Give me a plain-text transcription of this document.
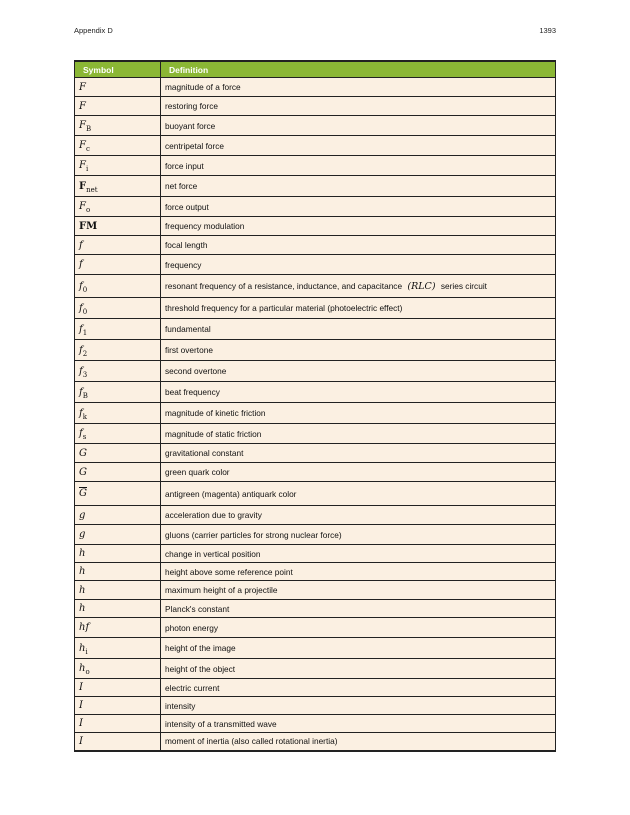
Appendix D	1393
Symbol	Definition
F	magnitude of a force
F	restoring force
$F_B$	buoyant force
$F_c$	centripetal force
$F_i$	force input
$F_{net}$	net force
$F_o$	force output
FM	frequency modulation
f	focal length
f	frequency
$f_0$	resonant frequency of a resistance, inductance, and capacitance (RLC) series circuit
$f_0$	threshold frequency for a particular material (photoelectric effect)
$f_1$	fundamental
$f_2$	first overtone
$f_3$	second overtone
$f_B$	beat frequency
$f_k$	magnitude of kinetic friction
$f_s$	magnitude of static friction
G	gravitational constant
G	green quark color
$\overline{G}$	antigreen (magenta) antiquark color
g	acceleration due to gravity
g	gluons (carrier particles for strong nuclear force)
h	change in vertical position
h	height above some reference point
h	maximum height of a projectile
h	Planck's constant
hf	photon energy
$h_i$	height of the image
$h_o$	height of the object
I	electric current
I	intensity
I	intensity of a transmitted wave
I	moment of inertia (also called rotational inertia)
